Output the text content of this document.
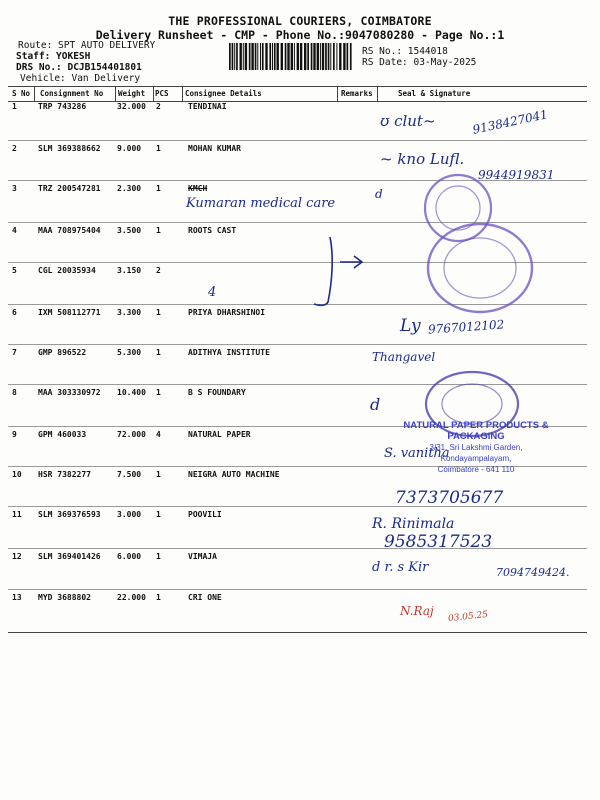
THE PROFESSIONAL COURIERS, COIMBATORE
Delivery Runsheet - CMP - Phone No.:9047080280 - Page No.:1
Route: SPT AUTO DELIVERY
Staff: YOKESH
DRS No.: DCJB154401801
Vehicle: Van Delivery
RS No.: 1544018
RS Date: 03-May-2025
S No Consignment No Weight PCS Consignee Details	Remarks	Seal & Signature
1	TRP 743286	32.000 2	TENDINAI
2	SLM 369388662 9.000 1	MOHAN KUMAR
3	TRZ 200547281 2.300 1	KMCH
4	MAA 708975404 3.500 1	ROOTS CAST
5	CGL 20035934	3.150 2
6	IXM 508112771 3.300 1	PRIYA DHARSHINOI
7	GMP 896522	5.300 1	ADITHYA INSTITUTE
8	MAA 303330972 10.400 1	B S FOUNDARY
9	GPM 460033	72.000 4	NATURAL PAPER
10 HSR 7382277	7.500 1	NEIGRA AUTO MACHINE
11 SLM 369376593 3.000 1	POOVILI
12 SLM 369401426 6.000 1	VIMAJA
13 MYD 3688802	22.000 1	CRI ONE
Kumaran medical care
4
ʊ clut~	9138427041
~ kno Lufl.
9944919831
d
Ly 9767012102
Thangavel
d
S. vanitha
7373705677
R. Rinimala
9585317523
d r. s Kir	7094749424.
N.Raj 03.05.25
NATURAL PAPER PRODUCTS &
PACKAGING
3/31, Sri Lakshmi Garden,
Kondayampalayam,
Coimbatore - 641 110
